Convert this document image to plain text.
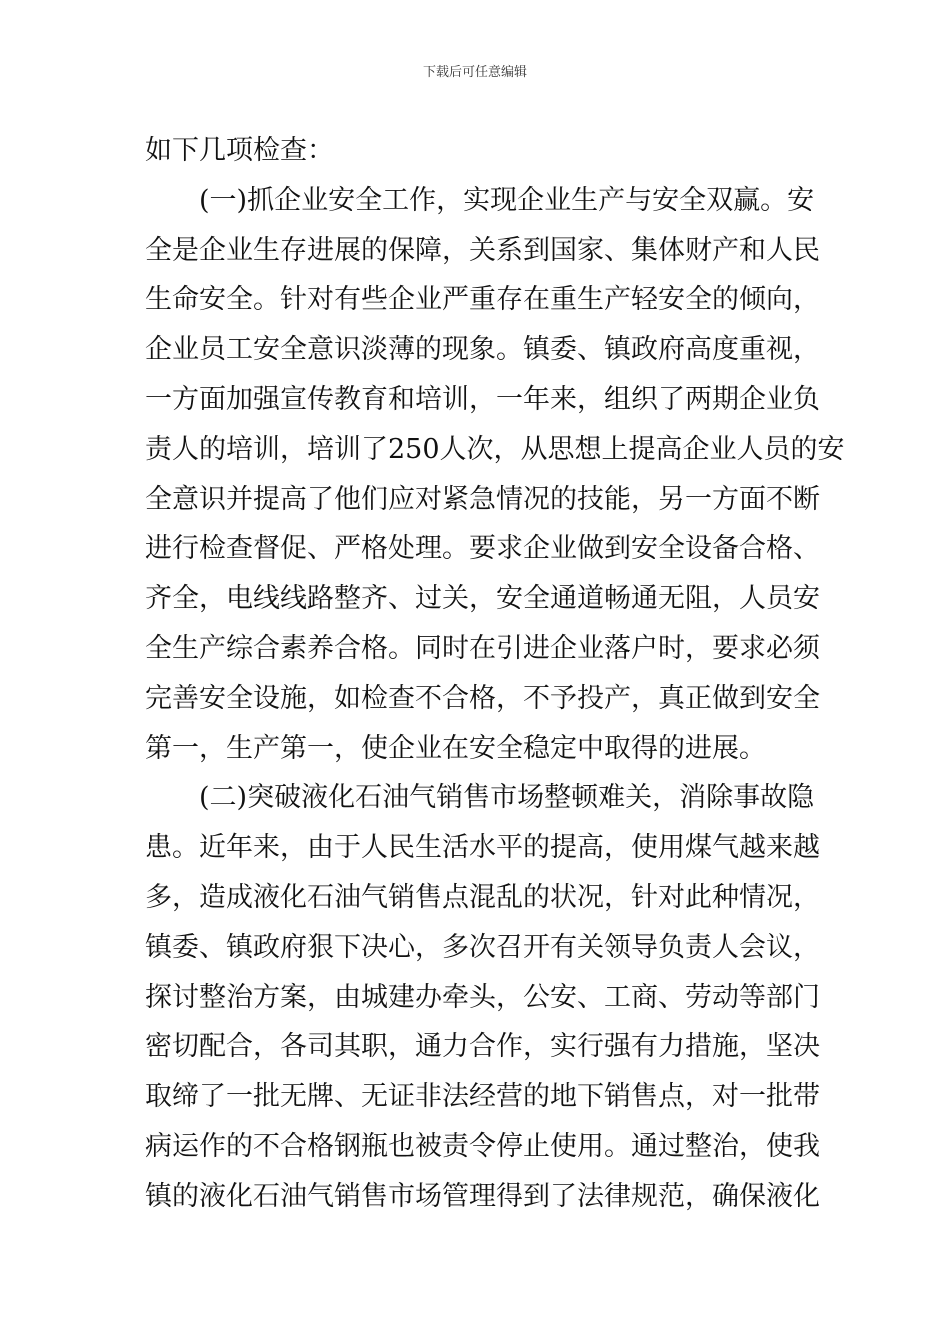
下载后可任意编辑
如下几项检查：
(一)抓企业安全工作，实现企业生产与安全双赢。安
全是企业生存进展的保障，关系到国家、集体财产和人民
生命安全。针对有些企业严重存在重生产轻安全的倾向，
企业员工安全意识淡薄的现象。镇委、镇政府高度重视，
一方面加强宣传教育和培训，一年来，组织了两期企业负
责人的培训，培训了250人次，从思想上提高企业人员的安
全意识并提高了他们应对紧急情况的技能，另一方面不断
进行检查督促、严格处理。要求企业做到安全设备合格、
齐全，电线线路整齐、过关，安全通道畅通无阻，人员安
全生产综合素养合格。同时在引进企业落户时，要求必须
完善安全设施，如检查不合格，不予投产，真正做到安全
第一，生产第一，使企业在安全稳定中取得的进展。
(二)突破液化石油气销售市场整顿难关，消除事故隐
患。近年来，由于人民生活水平的提高，使用煤气越来越
多，造成液化石油气销售点混乱的状况，针对此种情况，
镇委、镇政府狠下决心，多次召开有关领导负责人会议，
探讨整治方案，由城建办牵头，公安、工商、劳动等部门
密切配合，各司其职，通力合作，实行强有力措施，坚决
取缔了一批无牌、无证非法经营的地下销售点，对一批带
病运作的不合格钢瓶也被责令停止使用。通过整治，使我
镇的液化石油气销售市场管理得到了法律规范，确保液化
